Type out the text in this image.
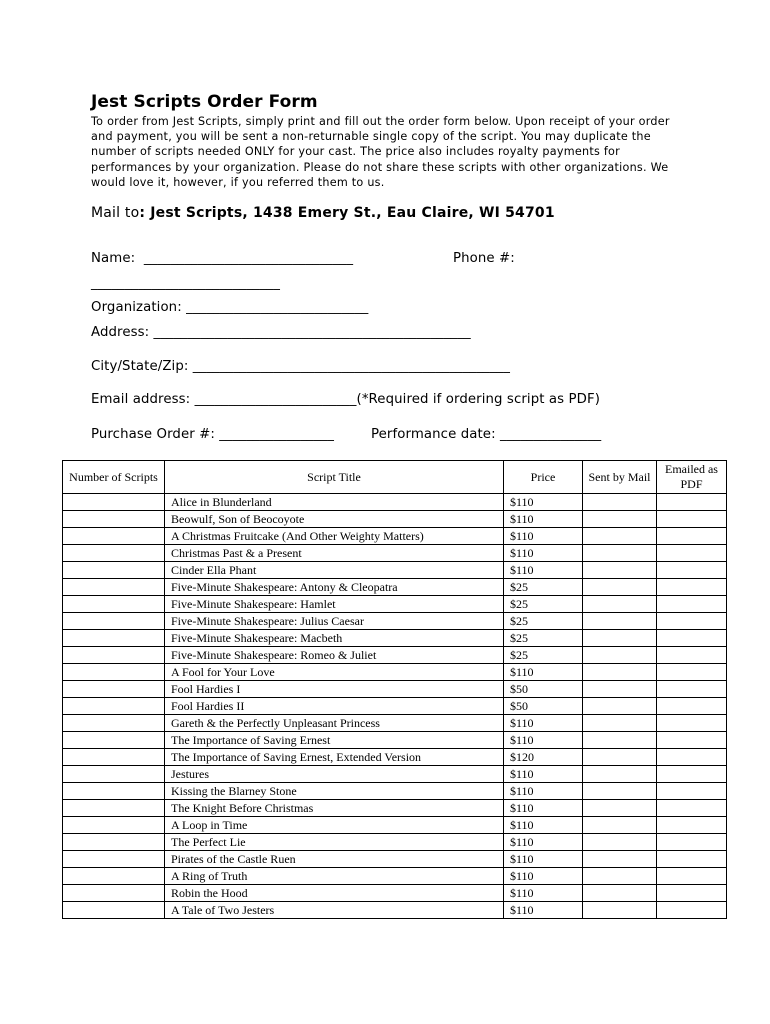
Jest Scripts Order Form
To order from Jest Scripts, simply print and fill out the order form below. Upon receipt of your order and payment, you will be sent a non-returnable single copy of the script. You may duplicate the number of scripts needed ONLY for your cast. The price also includes royalty payments for performances by your organization. Please do not share these scripts with other organizations. We would love it, however, if you referred them to us.
Mail to: Jest Scripts, 1438 Emery St., Eau Claire, WI 54701
Name:  _______________________________	Phone #:
____________________________
Organization: ___________________________
Address: _______________________________________________
City/State/Zip: _______________________________________________
Email address: ________________________(*Required if ordering script as PDF)
Purchase Order #: _________________	Performance date: _______________
Number of Scripts	Script Title	Price	Sent by Mail	Emailed as PDF
	Alice in Blunderland	$110		
	Beowulf, Son of Beocoyote	$110		
	A Christmas Fruitcake (And Other Weighty Matters)	$110		
	Christmas Past & a Present	$110		
	Cinder Ella Phant	$110		
	Five-Minute Shakespeare: Antony & Cleopatra	$25		
	Five-Minute Shakespeare: Hamlet	$25		
	Five-Minute Shakespeare: Julius Caesar	$25		
	Five-Minute Shakespeare: Macbeth	$25		
	Five-Minute Shakespeare: Romeo & Juliet	$25		
	A Fool for Your Love	$110		
	Fool Hardies I	$50		
	Fool Hardies II	$50		
	Gareth & the Perfectly Unpleasant Princess	$110		
	The Importance of Saving Ernest	$110		
	The Importance of Saving Ernest, Extended Version	$120		
	Jestures	$110		
	Kissing the Blarney Stone	$110		
	The Knight Before Christmas	$110		
	A Loop in Time	$110		
	The Perfect Lie	$110		
	Pirates of the Castle Ruen	$110		
	A Ring of Truth	$110		
	Robin the Hood	$110		
	A Tale of Two Jesters	$110		
